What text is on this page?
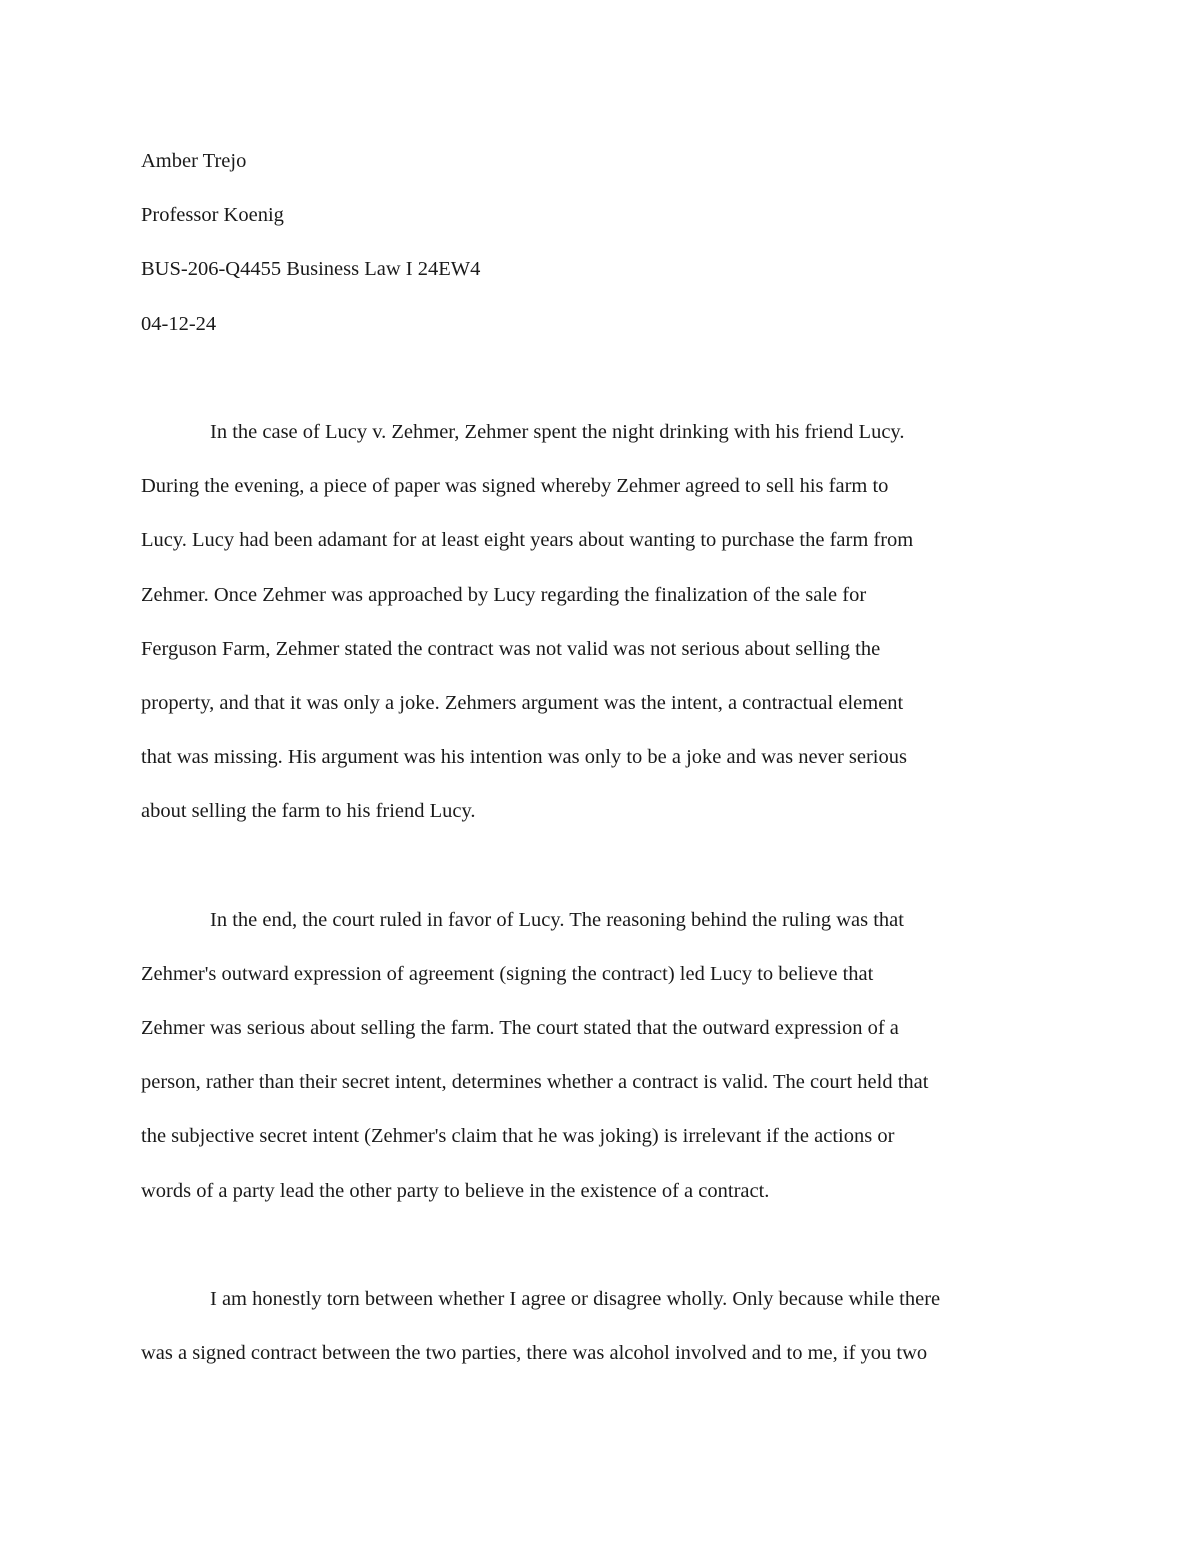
Amber Trejo

Professor Koenig

BUS-206-Q4455 Business Law I 24EW4

04-12-24

In the case of Lucy v. Zehmer, Zehmer spent the night drinking with his friend Lucy.

During the evening, a piece of paper was signed whereby Zehmer agreed to sell his farm to

Lucy. Lucy had been adamant for at least eight years about wanting to purchase the farm from

Zehmer. Once Zehmer was approached by Lucy regarding the finalization of the sale for

Ferguson Farm, Zehmer stated the contract was not valid was not serious about selling the

property, and that it was only a joke. Zehmers argument was the intent, a contractual element

that was missing. His argument was his intention was only to be a joke and was never serious

about selling the farm to his friend Lucy.

In the end, the court ruled in favor of Lucy. The reasoning behind the ruling was that

Zehmer's outward expression of agreement (signing the contract) led Lucy to believe that

Zehmer was serious about selling the farm. The court stated that the outward expression of a

person, rather than their secret intent, determines whether a contract is valid. The court held that

the subjective secret intent (Zehmer's claim that he was joking) is irrelevant if the actions or

words of a party lead the other party to believe in the existence of a contract.

I am honestly torn between whether I agree or disagree wholly. Only because while there

was a signed contract between the two parties, there was alcohol involved and to me, if you two
